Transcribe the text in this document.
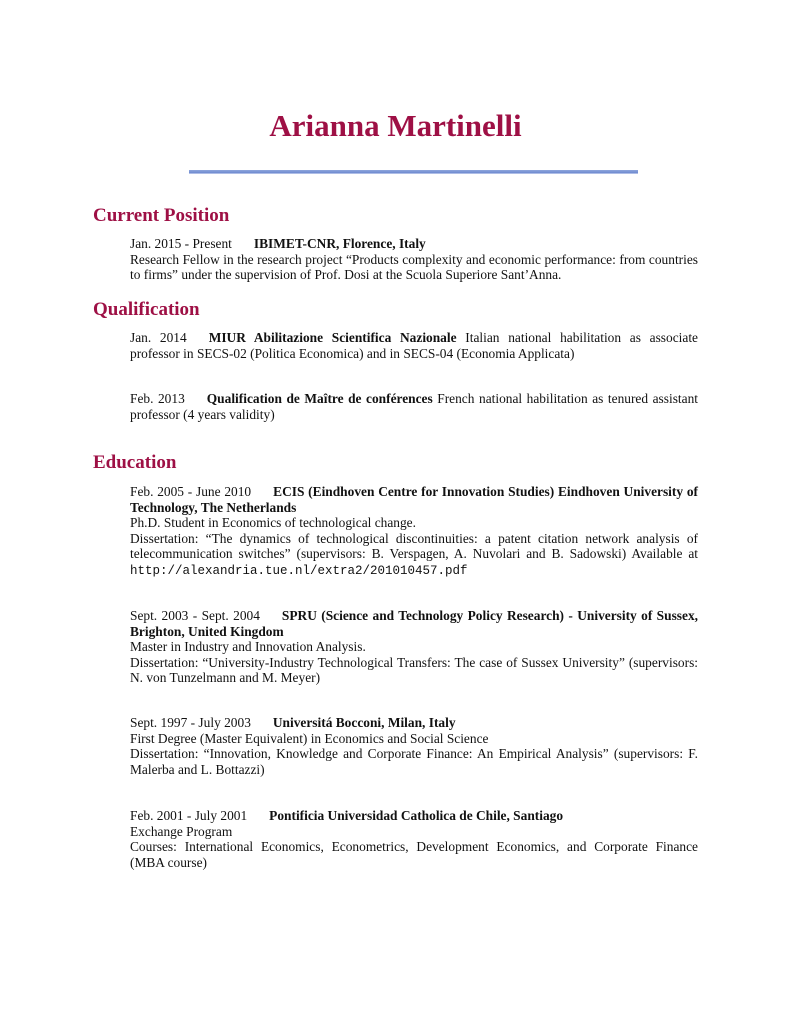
Arianna Martinelli
Current Position

Jan. 2015 - Present IBIMET-CNR, Florence, Italy

Research Fellow in the research project “Products complexity and economic performance: from countries to firms” under the supervision of Prof. Dosi at the Scuola Superiore Sant’Anna.

Qualification

Jan. 2014 MIUR Abilitazione Scientifica Nazionale Italian national habilitation as associate professor in SECS-02 (Politica Economica) and in SECS-04 (Economia Applicata)

Feb. 2013 Qualification de Maître de conférences French national habilitation as tenured assistant professor (4 years validity)

Education

Feb. 2005 - June 2010 ECIS (Eindhoven Centre for Innovation Studies) Eindhoven University of Technology, The Netherlands

Ph.D. Student in Economics of technological change.

Dissertation: “The dynamics of technological discontinuities: a patent citation network analysis of telecommunication switches” (supervisors: B. Verspagen, A. Nuvolari and B. Sadowski) Available at http://alexandria.tue.nl/extra2/201010457.pdf

Sept. 2003 - Sept. 2004 SPRU (Science and Technology Policy Research) - University of Sussex, Brighton, United Kingdom

Master in Industry and Innovation Analysis.

Dissertation: “University-Industry Technological Transfers: The case of Sussex University” (supervisors: N. von Tunzelmann and M. Meyer)

Sept. 1997 - July 2003 Universitá Bocconi, Milan, Italy

First Degree (Master Equivalent) in Economics and Social Science

Dissertation: “Innovation, Knowledge and Corporate Finance: An Empirical Analysis” (supervisors: F. Malerba and L. Bottazzi)

Feb. 2001 - July 2001 Pontificia Universidad Catholica de Chile, Santiago

Exchange Program

Courses: International Economics, Econometrics, Development Economics, and Corporate Finance (MBA course)
